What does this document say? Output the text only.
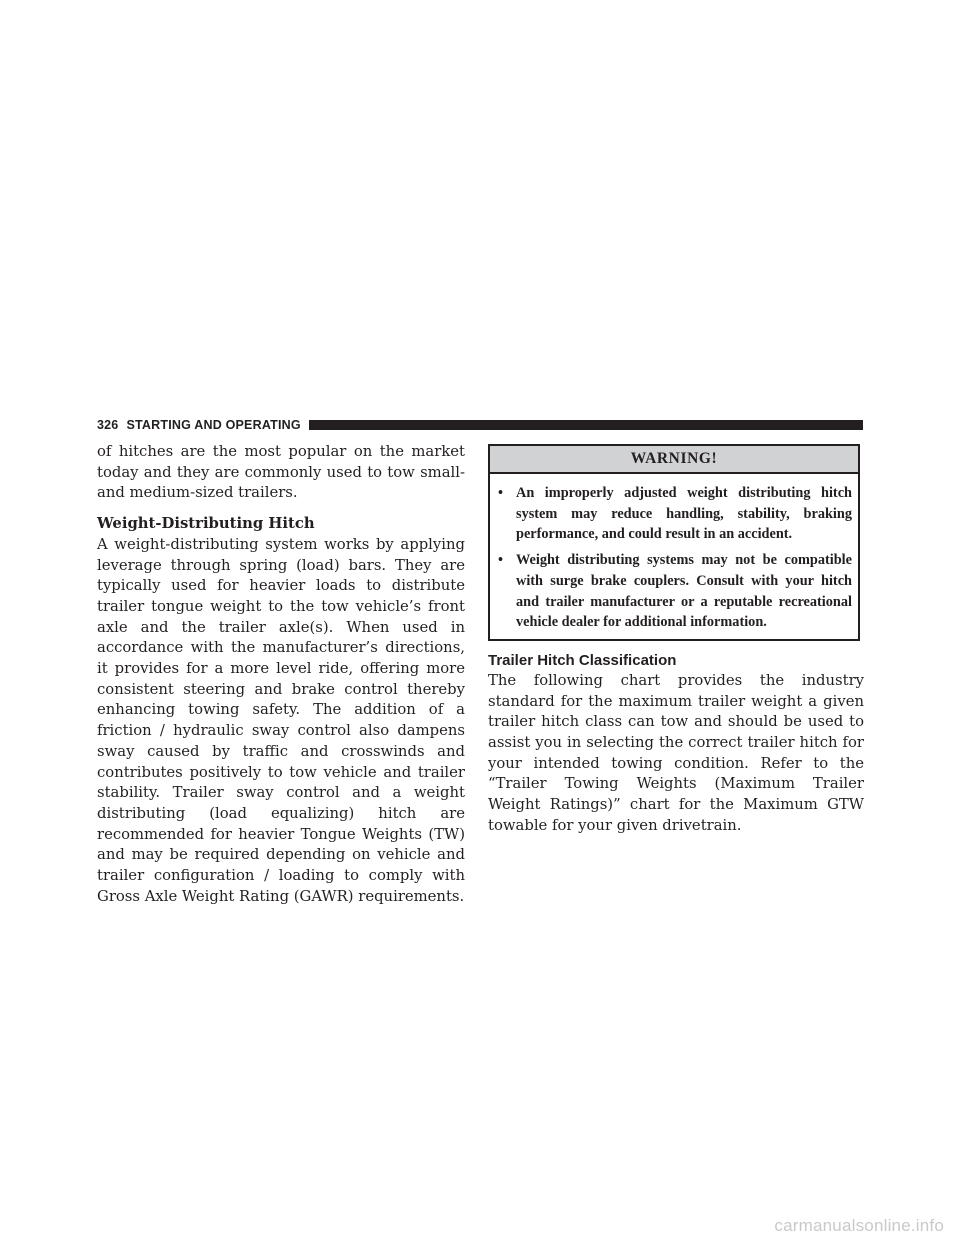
326 STARTING AND OPERATING

of hitches are the most popular on the market today and they are commonly used to tow small- and medium-sized trailers.

Weight-Distributing Hitch

A weight-distributing system works by applying leverage through spring (load) bars. They are typically used for heavier loads to distribute trailer tongue weight to the tow vehicle’s front axle and the trailer axle(s). When used in accordance with the manufacturer’s directions, it provides for a more level ride, offering more consistent steering and brake control thereby enhancing towing safety. The addition of a friction / hydraulic sway control also dampens sway caused by traffic and crosswinds and contributes positively to tow vehicle and trailer stability. Trailer sway control and a weight distributing (load equalizing) hitch are recommended for heavier Tongue Weights (TW) and may be required depending on vehicle and trailer configuration / loading to comply with Gross Axle Weight Rating (GAWR) requirements.

WARNING!
• An improperly adjusted weight distributing hitch system may reduce handling, stability, braking performance, and could result in an accident.
• Weight distributing systems may not be compatible with surge brake couplers. Consult with your hitch and trailer manufacturer or a reputable recreational vehicle dealer for additional information.
Trailer Hitch Classification

The following chart provides the industry standard for the maximum trailer weight a given trailer hitch class can tow and should be used to assist you in selecting the correct trailer hitch for your intended towing condition. Refer to the “Trailer Towing Weights (Maximum Trailer Weight Ratings)” chart for the Maximum GTW towable for your given drivetrain.

carmanualsonline.info
